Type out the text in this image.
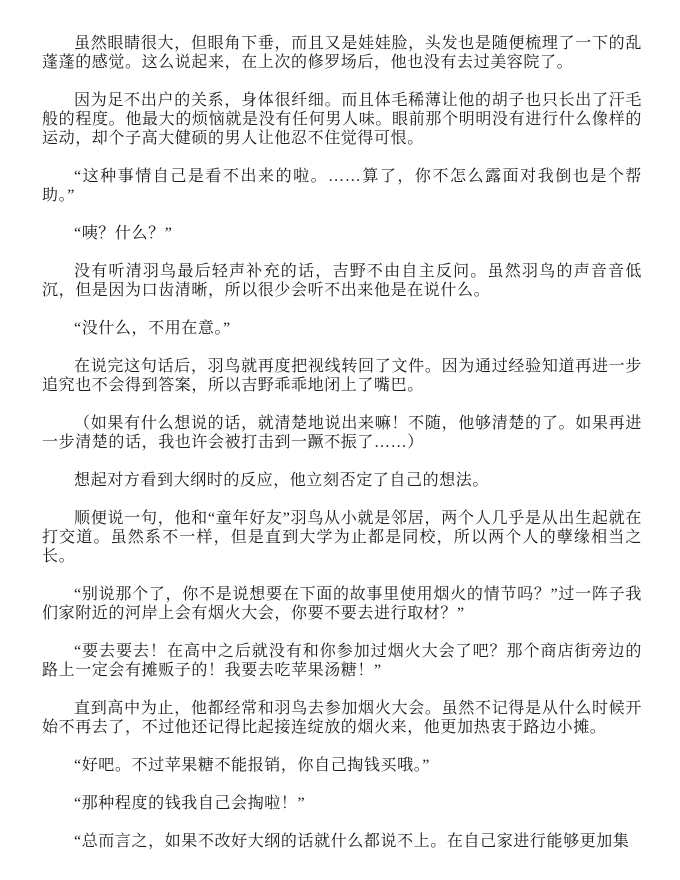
虽然眼睛很大，但眼角下垂，而且又是娃娃脸，头发也是随便梳理了一下的乱蓬蓬的感觉。这么说起来，在上次的修罗场后，他也没有去过美容院了。

因为足不出户的关系，身体很纤细。而且体毛稀薄让他的胡子也只长出了汗毛般的程度。他最大的烦恼就是没有任何男人味。眼前那个明明没有进行什么像样的运动，却个子高大健硕的男人让他忍不住觉得可恨。

“这种事情自己是看不出来的啦。……算了，你不怎么露面对我倒也是个帮助。”

“咦？什么？”

没有听清羽鸟最后轻声补充的话，吉野不由自主反问。虽然羽鸟的声音音低沉，但是因为口齿清晰，所以很少会听不出来他是在说什么。

“没什么，不用在意。”

在说完这句话后，羽鸟就再度把视线转回了文件。因为通过经验知道再进一步追究也不会得到答案，所以吉野乖乖地闭上了嘴巴。

（如果有什么想说的话，就清楚地说出来嘛！不随，他够清楚的了。如果再进一步清楚的话，我也许会被打击到一蹶不振了……）

想起对方看到大纲时的反应，他立刻否定了自己的想法。

顺便说一句，他和“童年好友”羽鸟从小就是邻居，两个人几乎是从出生起就在打交道。虽然系不一样，但是直到大学为止都是同校，所以两个人的孽缘相当之长。

“别说那个了，你不是说想要在下面的故事里使用烟火的情节吗？”过一阵子我们家附近的河岸上会有烟火大会，你要不要去进行取材？”

“要去要去！在高中之后就没有和你参加过烟火大会了吧？那个商店街旁边的路上一定会有摊贩子的！我要去吃苹果汤糖！”

直到高中为止，他都经常和羽鸟去参加烟火大会。虽然不记得是从什么时候开始不再去了，不过他还记得比起接连绽放的烟火来，他更加热衷于路边小摊。

“好吧。不过苹果糖不能报销，你自己掏钱买哦。”

“那种程度的钱我自己会掏啦！”

“总而言之，如果不改好大纲的话就什么都说不上。在自己家进行能够更加集
